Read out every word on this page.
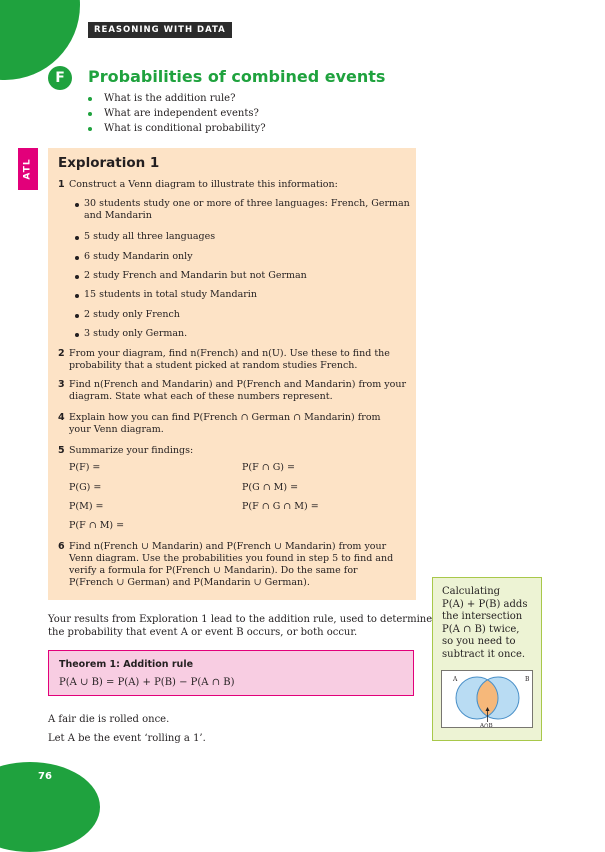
REASONING WITH DATA
F	Probabilities of combined events
What is the addition rule?
What are independent events?
What is conditional probability?
ATL Exploration 1
1 Construct a Venn diagram to illustrate this information:
30 students study one or more of three languages: French, German
and Mandarin
5 study all three languages
6 study Mandarin only
2 study French and Mandarin but not German
15 students in total study Mandarin
2 study only French
3 study only German.
2 From your diagram, find n(French) and n(U). Use these to find the
probability that a student picked at random studies French.
3 Find n(French and Mandarin) and P(French and Mandarin) from your
diagram. State what each of these numbers represent.
4 Explain how you can find P(French ∩ German ∩ Mandarin) from
your Venn diagram.
5 Summarize your findings:
P(F) =
P(G) =
P(M) =
P(F ∩ M) =
P(F ∩ G) =
P(G ∩ M) =
P(F ∩ G ∩ M) =
6 Find n(French ∪ Mandarin) and P(French ∪ Mandarin) from your
Venn diagram. Use the probabilities you found in step 5 to find and
verify a formula for P(French ∪ Mandarin). Do the same for
P(French ∪ German) and P(Mandarin ∪ German).
Your results from Exploration 1 lead to the addition rule, used to determine
the probability that event A or event B occurs, or both occur.
Theorem 1: Addition rule
P(A ∪ B) = P(A) + P(B) − P(A ∩ B)
A fair die is rolled once.
Let A be the event ‘rolling a 1’.
Calculating
P(A) + P(B) adds
the intersection
P(A ∩ B) twice,
so you need to
subtract it once.
A	B
A∩B
76
